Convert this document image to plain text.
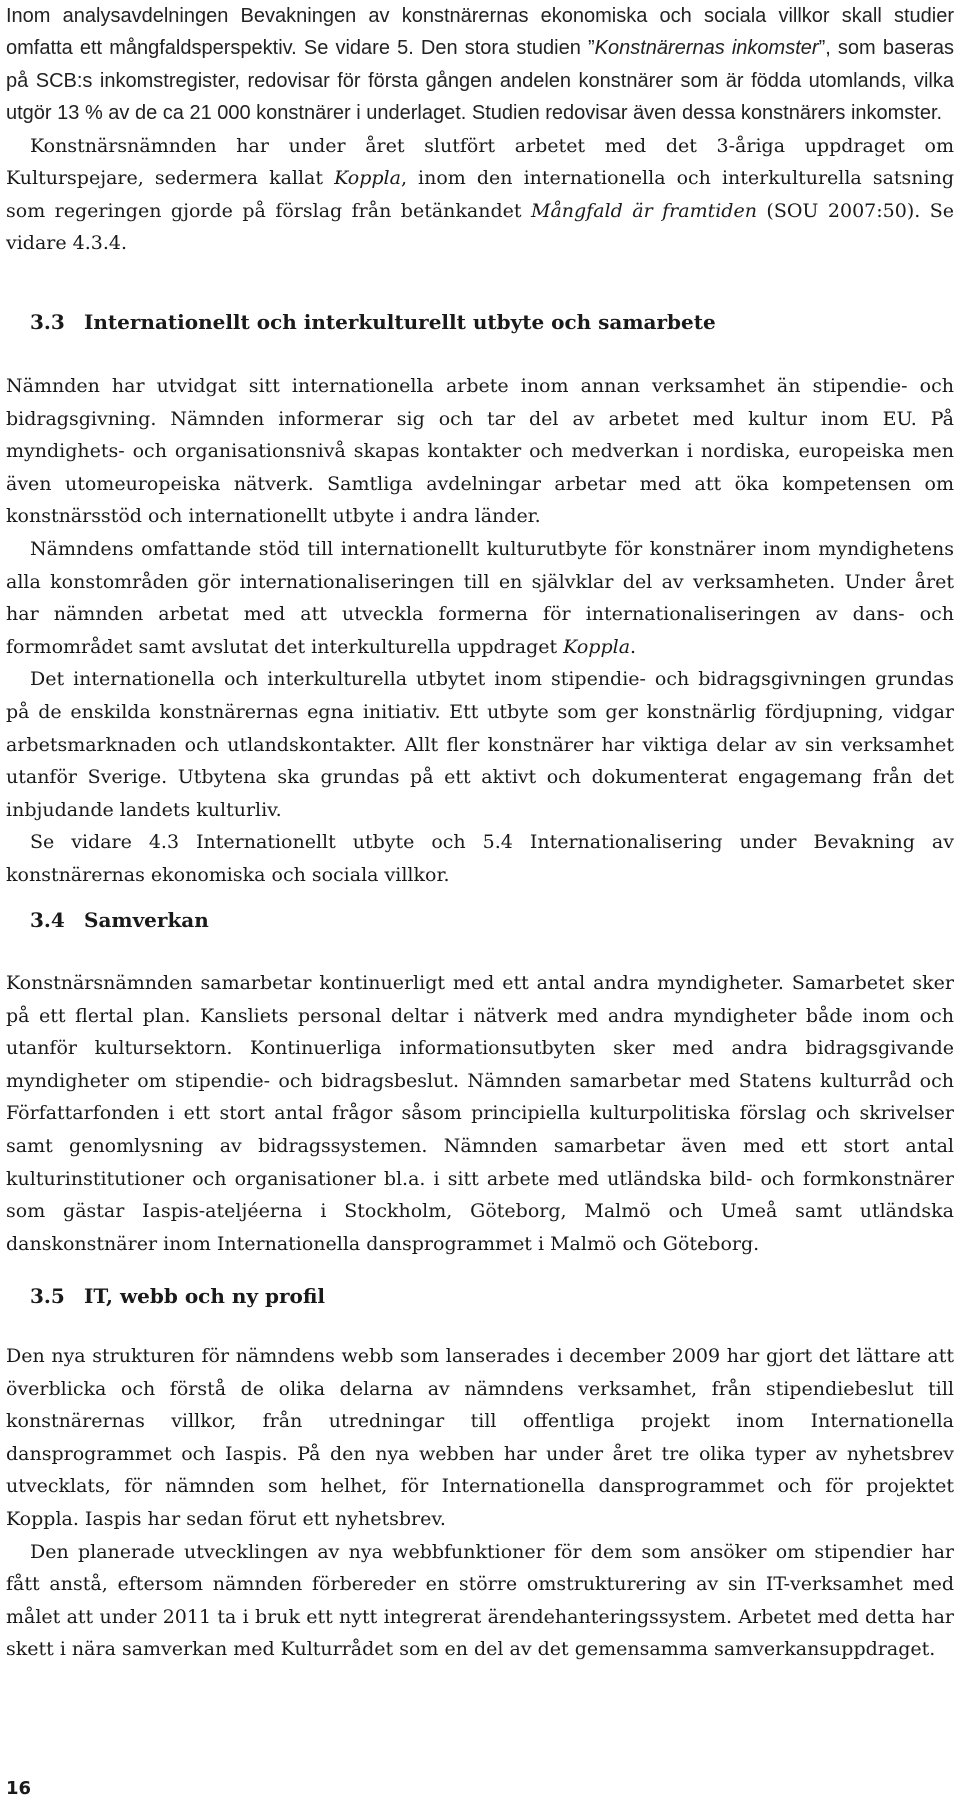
Inom analysavdelningen Bevakningen av konstnärernas ekonomiska och sociala villkor skall studier omfatta ett mångfaldsperspektiv. Se vidare 5. Den stora studien ”Konstnärernas inkomster”, som baseras på SCB:s inkomstregister, redovisar för första gången andelen konstnärer som är födda utomlands, vilka utgör 13 % av de ca 21 000 konstnärer i underlaget. Studien redovisar även dessa konstnärers inkomster.

Konstnärsnämnden har under året slutfört arbetet med det 3-åriga uppdraget om Kulturspejare, sedermera kallat Koppla, inom den internationella och interkulturella satsning som regeringen gjorde på förslag från betänkandet Mångfald är framtiden (SOU 2007:50). Se vidare 4.3.4.

3.3 Internationellt och interkulturellt utbyte och samarbete

Nämnden har utvidgat sitt internationella arbete inom annan verksamhet än stipendie- och bidragsgivning. Nämnden informerar sig och tar del av arbetet med kultur inom EU. På myndighets- och organisationsnivå skapas kontakter och medverkan i nordiska, europeiska men även utomeuropeiska nätverk. Samtliga avdelningar arbetar med att öka kompetensen om konstnärsstöd och internationellt utbyte i andra länder.

Nämndens omfattande stöd till internationellt kulturutbyte för konstnärer inom myndighetens alla konstområden gör internationaliseringen till en självklar del av verksamheten. Under året har nämnden arbetat med att utveckla formerna för internationaliseringen av dans- och formområdet samt avslutat det interkulturella uppdraget Koppla.

Det internationella och interkulturella utbytet inom stipendie- och bidragsgivningen grundas på de enskilda konstnärernas egna initiativ. Ett utbyte som ger konstnärlig fördjupning, vidgar arbetsmarknaden och utlandskontakter. Allt fler konstnärer har viktiga delar av sin verksamhet utanför Sverige. Utbytena ska grundas på ett aktivt och dokumenterat engagemang från det inbjudande landets kulturliv.

Se vidare 4.3 Internationellt utbyte och 5.4 Internationalisering under Bevakning av konstnärernas ekonomiska och sociala villkor.

3.4 Samverkan

Konstnärsnämnden samarbetar kontinuerligt med ett antal andra myndigheter. Samarbetet sker på ett flertal plan. Kansliets personal deltar i nätverk med andra myndigheter både inom och utanför kultursektorn. Kontinuerliga informationsutbyten sker med andra bidragsgivande myndigheter om stipendie- och bidragsbeslut. Nämnden samarbetar med Statens kulturråd och Författarfonden i ett stort antal frågor såsom principiella kulturpolitiska förslag och skrivelser samt genomlysning av bidragssystemen. Nämnden samarbetar även med ett stort antal kulturinstitutioner och organisationer bl.a. i sitt arbete med utländska bild- och formkonstnärer som gästar Iaspis-ateljéerna i Stockholm, Göteborg, Malmö och Umeå samt utländska danskonstnärer inom Internationella dansprogrammet i Malmö och Göteborg.

3.5 IT, webb och ny profil

Den nya strukturen för nämndens webb som lanserades i december 2009 har gjort det lättare att överblicka och förstå de olika delarna av nämndens verksamhet, från stipendiebeslut till konstnärernas villkor, från utredningar till offentliga projekt inom Internationella dansprogrammet och Iaspis. På den nya webben har under året tre olika typer av nyhetsbrev utvecklats, för nämnden som helhet, för Internationella dansprogrammet och för projektet Koppla. Iaspis har sedan förut ett nyhetsbrev.

Den planerade utvecklingen av nya webbfunktioner för dem som ansöker om stipendier har fått anstå, eftersom nämnden förbereder en större omstrukturering av sin IT-verksamhet med målet att under 2011 ta i bruk ett nytt integrerat ärendehanteringssystem. Arbetet med detta har skett i nära samverkan med Kulturrådet som en del av det gemensamma samverkansuppdraget.

16
